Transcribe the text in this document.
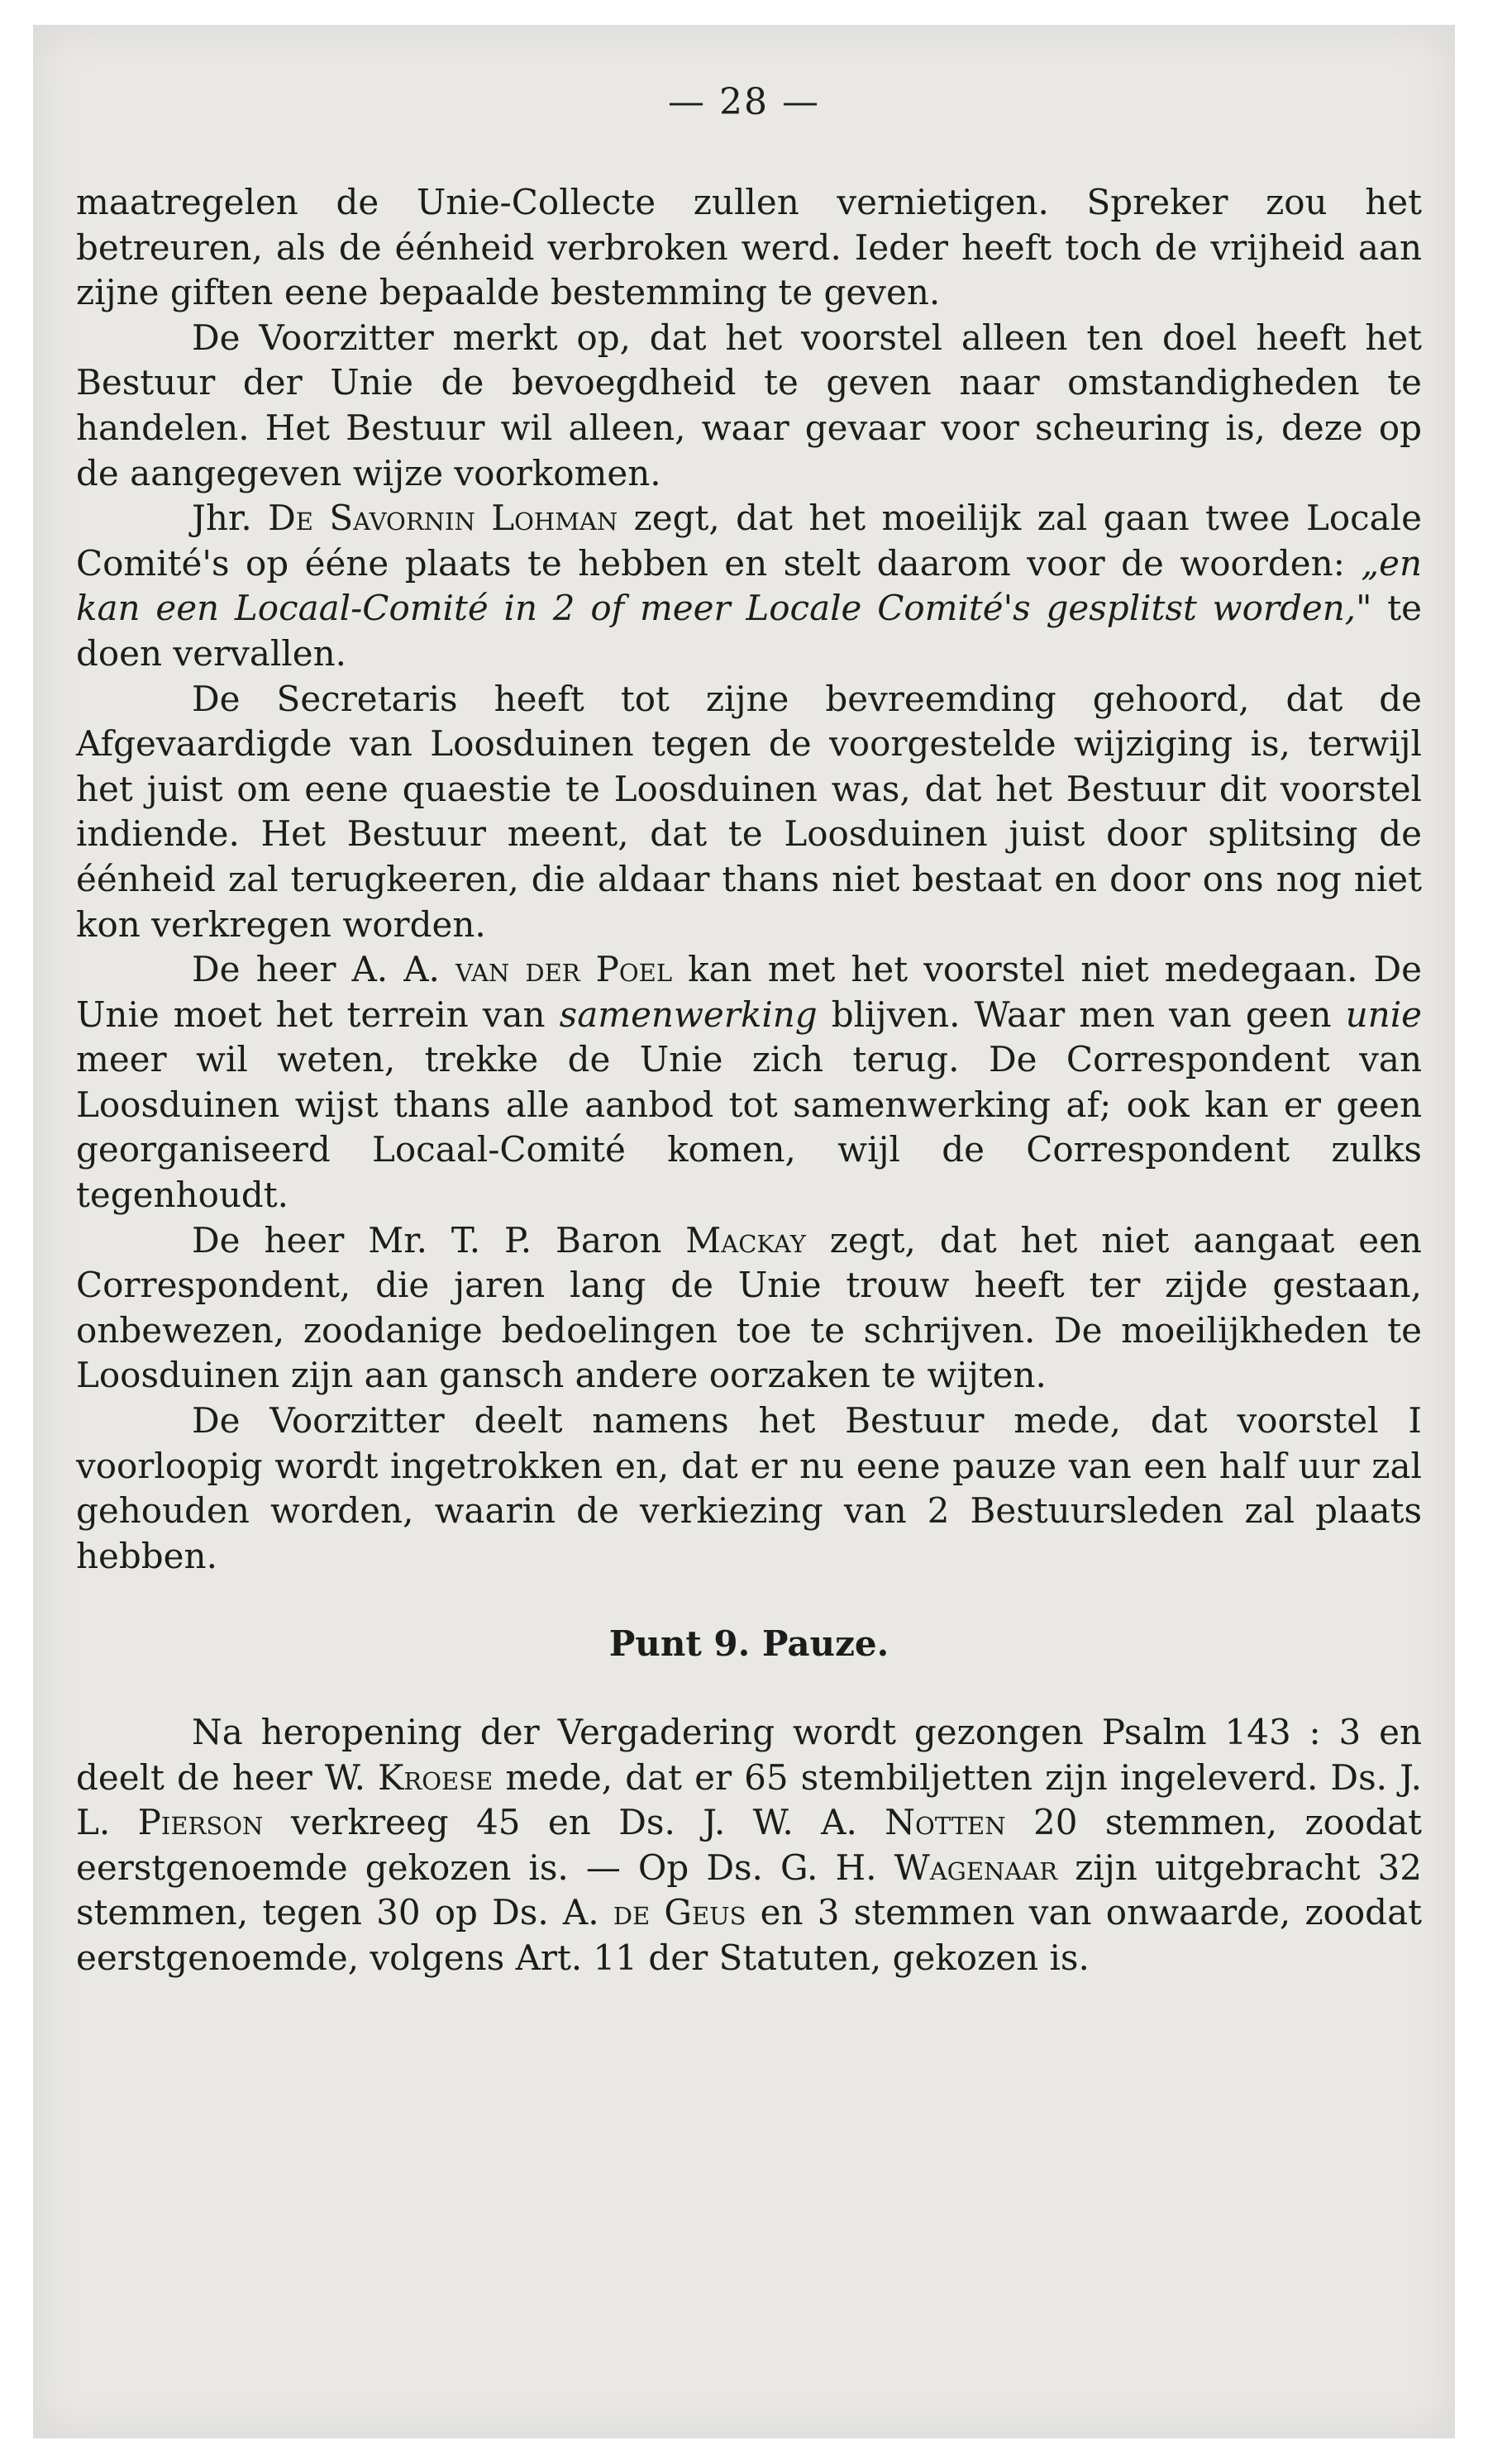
— 28 —

maatregelen de Unie-Collecte zullen vernietigen. Spreker zou het betreuren, als de éénheid verbroken werd. Ieder heeft toch de vrijheid aan zijne giften eene bepaalde bestemming te geven.

De Voorzitter merkt op, dat het voorstel alleen ten doel heeft het Bestuur der Unie de bevoegdheid te geven naar omstandigheden te handelen. Het Bestuur wil alleen, waar gevaar voor scheuring is, deze op de aangegeven wijze voorkomen.

Jhr. De Savornin Lohman zegt, dat het moeilijk zal gaan twee Locale Comité's op ééne plaats te hebben en stelt daarom voor de woorden: „en kan een Locaal-Comité in 2 of meer Locale Comité's gesplitst worden," te doen vervallen.

De Secretaris heeft tot zijne bevreemding gehoord, dat de Afgevaardigde van Loosduinen tegen de voorgestelde wijziging is, terwijl het juist om eene quaestie te Loosduinen was, dat het Bestuur dit voorstel indiende. Het Bestuur meent, dat te Loosduinen juist door splitsing de éénheid zal terugkeeren, die aldaar thans niet bestaat en door ons nog niet kon verkregen worden.

De heer A. A. van der Poel kan met het voorstel niet medegaan. De Unie moet het terrein van samenwerking blijven. Waar men van geen unie meer wil weten, trekke de Unie zich terug. De Correspondent van Loosduinen wijst thans alle aanbod tot samenwerking af; ook kan er geen georganiseerd Locaal-Comité komen, wijl de Correspondent zulks tegenhoudt.

De heer Mr. T. P. Baron Mackay zegt, dat het niet aangaat een Correspondent, die jaren lang de Unie trouw heeft ter zijde gestaan, onbewezen, zoodanige bedoelingen toe te schrijven. De moeilijkheden te Loosduinen zijn aan gansch andere oorzaken te wijten.

De Voorzitter deelt namens het Bestuur mede, dat voorstel I voorloopig wordt ingetrokken en, dat er nu eene pauze van een half uur zal gehouden worden, waarin de verkiezing van 2 Bestuursleden zal plaats hebben.

Punt 9. Pauze.

Na heropening der Vergadering wordt gezongen Psalm 143 : 3 en deelt de heer W. Kroese mede, dat er 65 stembiljetten zijn ingeleverd. Ds. J. L. Pierson verkreeg 45 en Ds. J. W. A. Notten 20 stemmen, zoodat eerstgenoemde gekozen is. — Op Ds. G. H. Wagenaar zijn uitgebracht 32 stemmen, tegen 30 op Ds. A. de Geus en 3 stemmen van onwaarde, zoodat eerstgenoemde, volgens Art. 11 der Statuten, gekozen is.
